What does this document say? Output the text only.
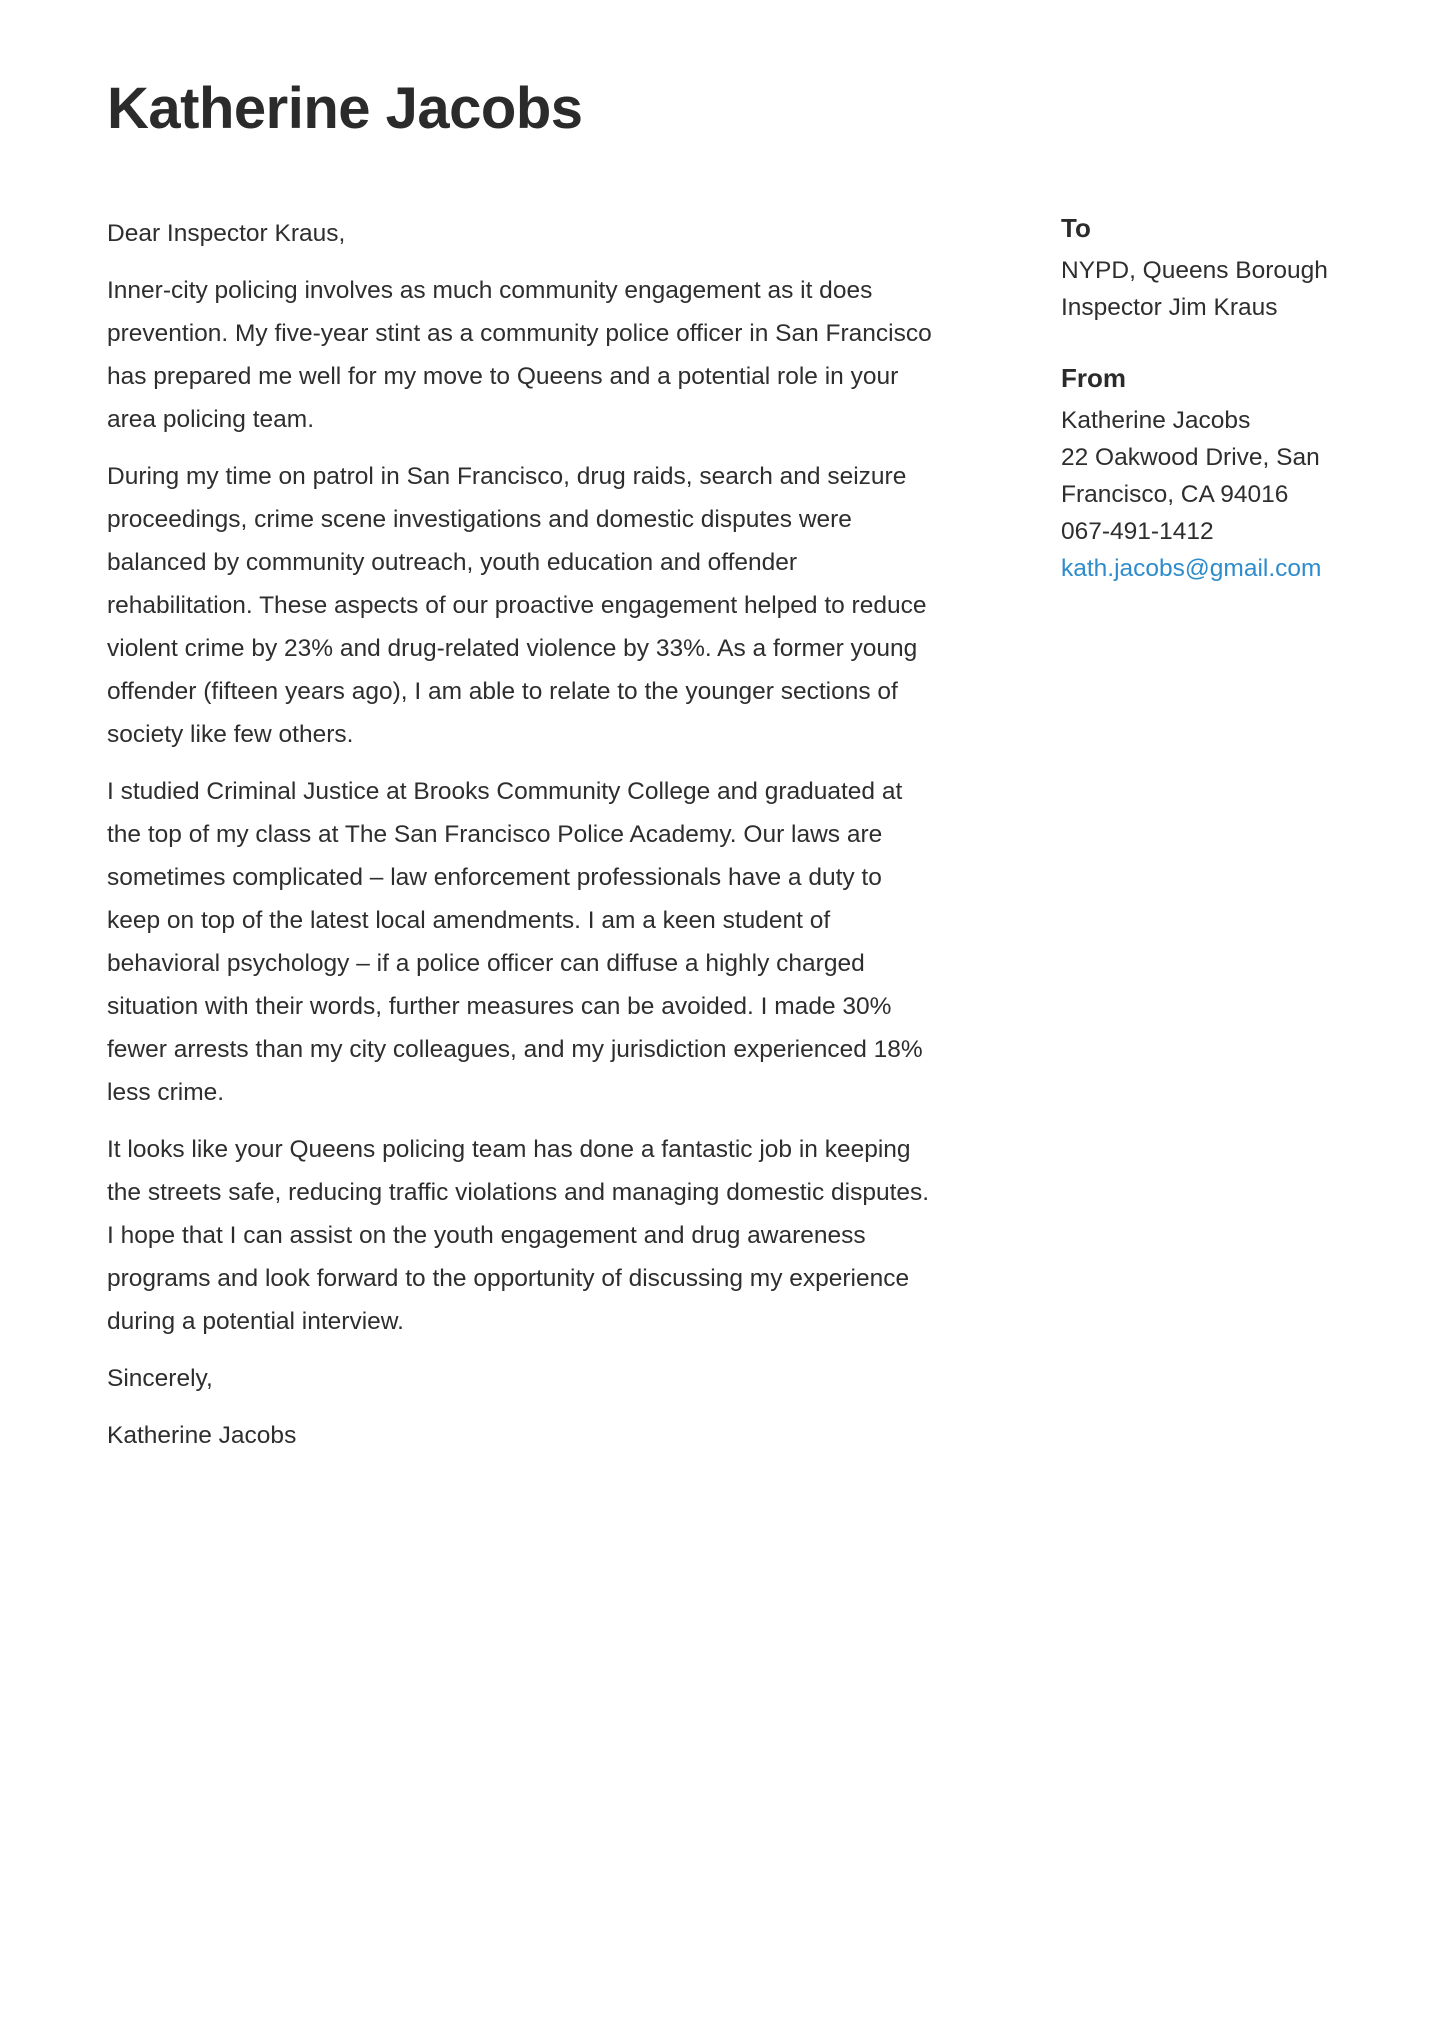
Katherine Jacobs

Dear Inspector Kraus,

Inner-city policing involves as much community engagement as it does prevention. My five-year stint as a community police officer in San Francisco has prepared me well for my move to Queens and a potential role in your area policing team.

During my time on patrol in San Francisco, drug raids, search and seizure proceedings, crime scene investigations and domestic disputes were balanced by community outreach, youth education and offender rehabilitation. These aspects of our proactive engagement helped to reduce violent crime by 23% and drug-related violence by 33%. As a former young offender (fifteen years ago), I am able to relate to the younger sections of society like few others.

I studied Criminal Justice at Brooks Community College and graduated at the top of my class at The San Francisco Police Academy. Our laws are sometimes complicated – law enforcement professionals have a duty to keep on top of the latest local amendments. I am a keen student of behavioral psychology – if a police officer can diffuse a highly charged situation with their words, further measures can be avoided. I made 30% fewer arrests than my city colleagues, and my jurisdiction experienced 18% less crime.

It looks like your Queens policing team has done a fantastic job in keeping the streets safe, reducing traffic violations and managing domestic disputes. I hope that I can assist on the youth engagement and drug awareness programs and look forward to the opportunity of discussing my experience during a potential interview.

Sincerely,

Katherine Jacobs

To
NYPD, Queens Borough
Inspector Jim Kraus
From
Katherine Jacobs
22 Oakwood Drive, San
Francisco, CA 94016
067-491-1412
kath.jacobs@gmail.com
